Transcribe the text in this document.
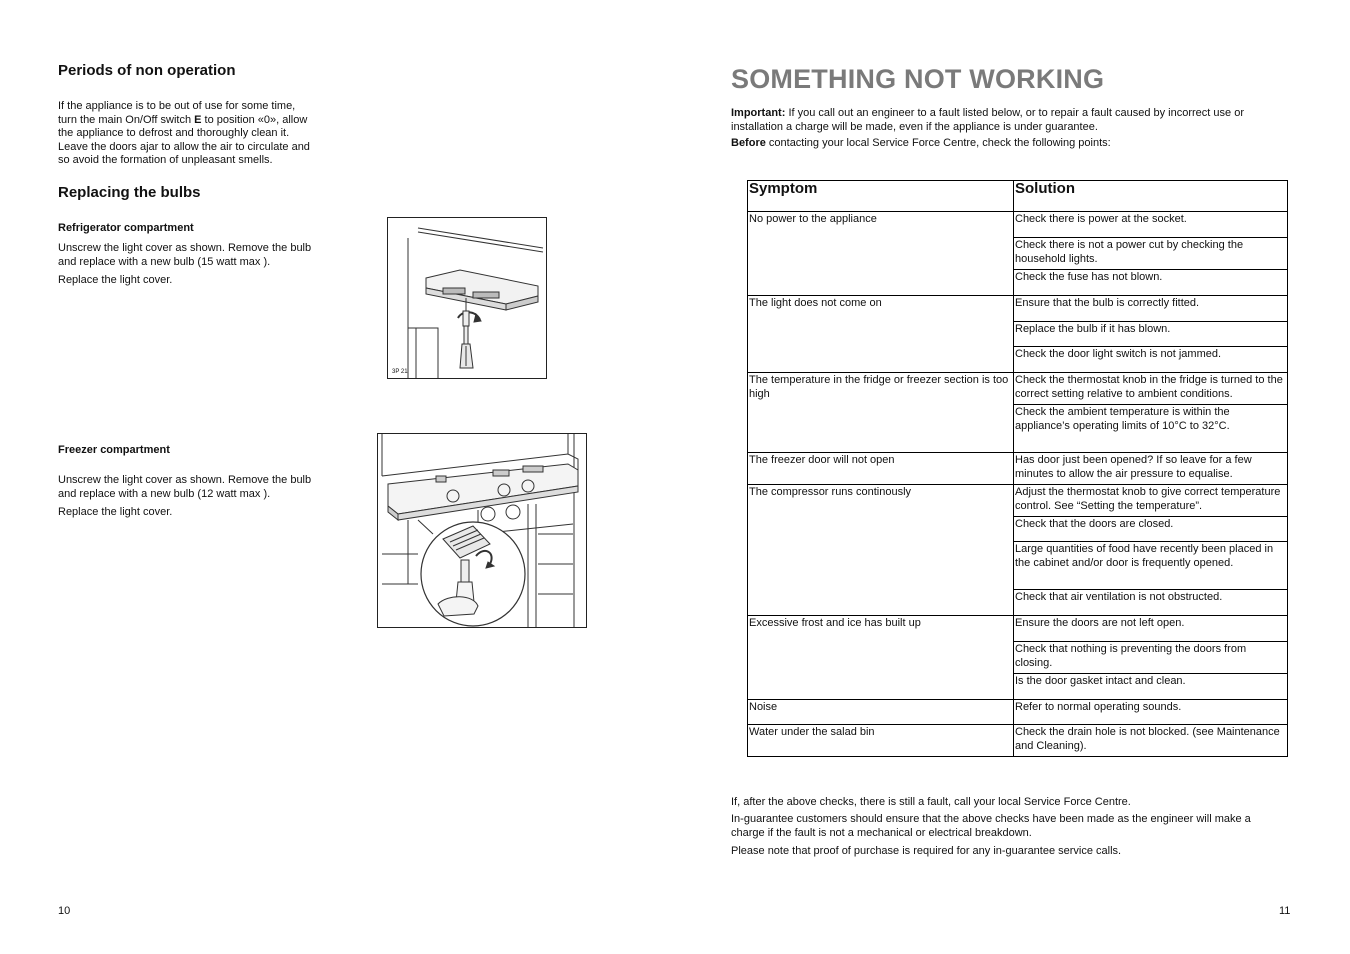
Periods of non operation

If the appliance is to be out of use for some time,

turn the main On/Off switch E to position «0», allow

the appliance to defrost and thoroughly clean it.

Leave the doors ajar to allow the air to circulate and

so avoid the formation of unpleasant smells.

Replacing the bulbs
Refrigerator compartment

Unscrew the light cover as shown. Remove the bulb

and replace with a new bulb (15 watt max ).

Replace the light cover.

3P 21
Freezer compartment

Unscrew the light cover as shown. Remove the bulb

and replace with a new bulb (12 watt max ).

Replace the light cover.

10
SOMETHING NOT WORKING

Important: If you call out an engineer to a fault listed below, or to repair a fault caused by incorrect use or

installation a charge will be made, even if the appliance is under guarantee.

Before contacting your local Service Force Centre, check the following points:

Symptom	Solution
No power to the appliance	Check there is power at the socket.
	Check there is not a power cut by checking the household lights.
	Check the fuse has not blown.
The light does not come on	Ensure that the bulb is correctly fitted.
	Replace the bulb if it has blown.
	Check the door light switch is not jammed.
The temperature in the fridge or freezer section is too high	Check the thermostat knob in the fridge is turned to the correct setting relative to ambient conditions.
	Check the ambient temperature is within the appliance’s operating limits of 10°C to 32°C.
The freezer door will not open	Has door just been opened? If so leave for a few minutes to allow the air pressure to equalise.
The compressor runs continously	Adjust the thermostat knob to give correct temperature control. See “Setting the temperature”.
	Check that the doors are closed.
	Large quantities of food have recently been placed in the cabinet and/or door is frequently opened.
	Check that air ventilation is not obstructed.
Excessive frost and ice has built up	Ensure the doors are not left open.
	Check that nothing is preventing the doors from closing.
	Is the door gasket intact and clean.
Noise	Refer to normal operating sounds.
Water under the salad bin	Check the drain hole is not blocked. (see Maintenance and Cleaning).

If, after the above checks, there is still a fault, call your local Service Force Centre.

In-guarantee customers should ensure that the above checks have been made as the engineer will make a

charge if the fault is not a mechanical or electrical breakdown.

Please note that proof of purchase is required for any in-guarantee service calls.

11
